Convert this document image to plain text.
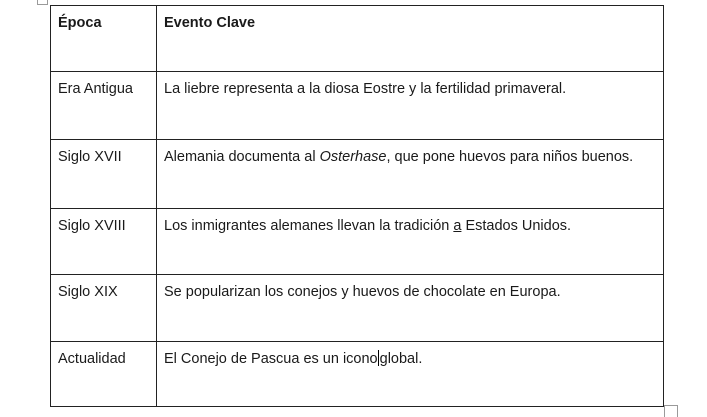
Época	Evento Clave
Era Antigua	La liebre representa a la diosa Eostre y la fertilidad primaveral.
Siglo XVII	Alemania documenta al Osterhase, que pone huevos para niños buenos.
Siglo XVIII	Los inmigrantes alemanes llevan la tradición a Estados Unidos.
Siglo XIX	Se popularizan los conejos y huevos de chocolate en Europa.
Actualidad	El Conejo de Pascua es un icono global.
